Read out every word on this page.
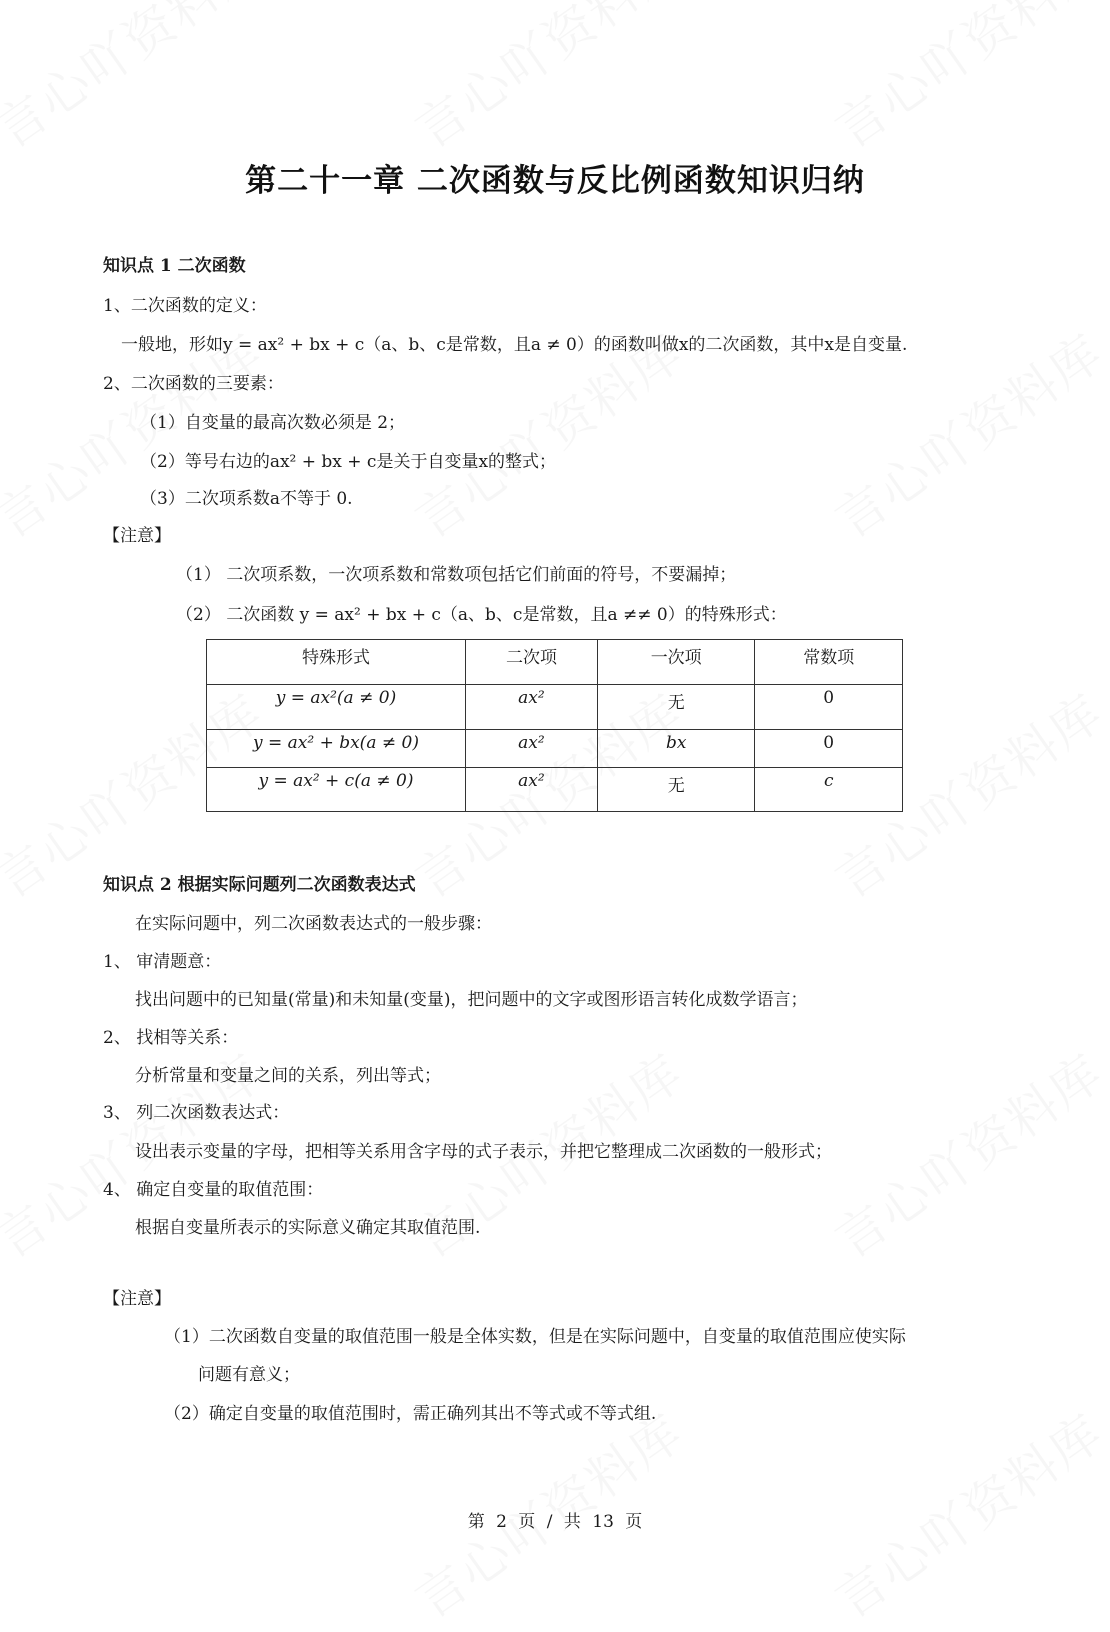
第二十一章 二次函数与反比例函数知识归纳
知识点 1 二次函数
1、二次函数的定义：
一般地，形如y = ax² + bx + c（a、b、c是常数，且a ≠ 0）的函数叫做x的二次函数，其中x是自变量.
2、二次函数的三要素：
（1）自变量的最高次数必须是 2；
（2）等号右边的ax² + bx + c是关于自变量x的整式；
（3）二次项系数a不等于 0.
【注意】
（1） 二次项系数，一次项系数和常数项包括它们前面的符号，不要漏掉；
（2） 二次函数 y = ax² + bx + c（a、b、c是常数，且a ≠≠ 0）的特殊形式：
特殊形式	二次项	一次项	常数项
y = ax²(a ≠ 0)	ax²	无	0
y = ax² + bx(a ≠ 0)	ax²	bx	0
y = ax² + c(a ≠ 0)	ax²	无	c
知识点 2 根据实际问题列二次函数表达式
在实际问题中，列二次函数表达式的一般步骤：
1、 审清题意：
找出问题中的已知量(常量)和未知量(变量)，把问题中的文字或图形语言转化成数学语言；
2、 找相等关系：
分析常量和变量之间的关系，列出等式；
3、 列二次函数表达式：
设出表示变量的字母，把相等关系用含字母的式子表示，并把它整理成二次函数的一般形式；
4、 确定自变量的取值范围：
根据自变量所表示的实际意义确定其取值范围.
【注意】
（1）二次函数自变量的取值范围一般是全体实数，但是在实际问题中，自变量的取值范围应使实际
问题有意义；
（2）确定自变量的取值范围时，需正确列其出不等式或不等式组.
第 2 页 / 共 13 页
